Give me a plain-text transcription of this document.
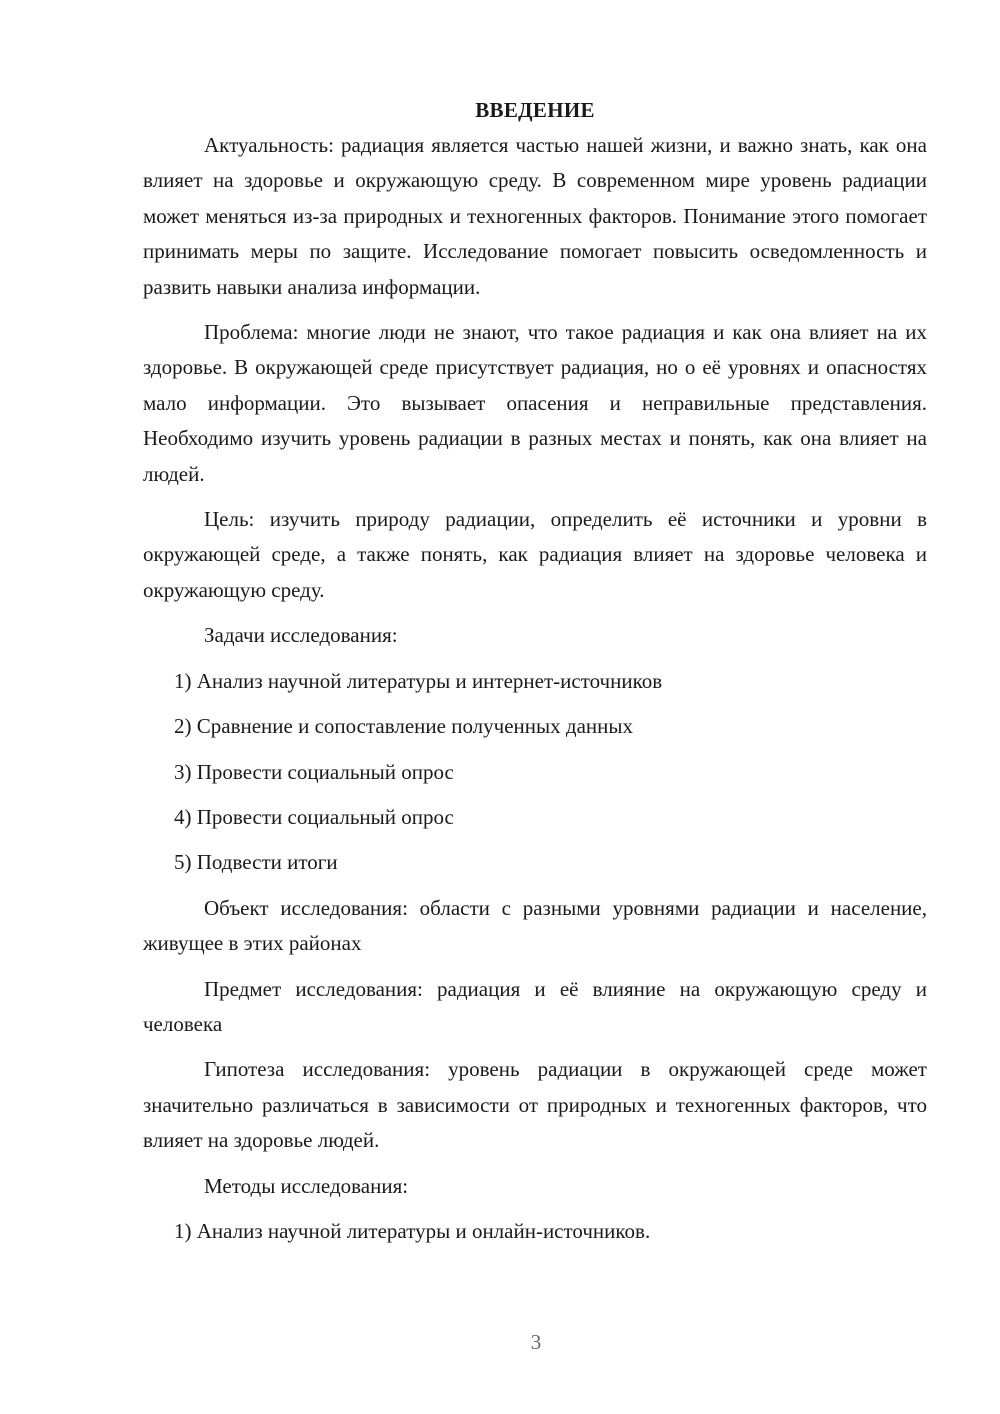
ВВЕДЕНИЕ

Актуальность: радиация является частью нашей жизни, и важно знать, как она влияет на здоровье и окружающую среду. В современном мире уровень радиации может меняться из-за природных и техногенных факторов. Понимание этого помогает принимать меры по защите. Исследование помогает повысить осведомленность и развить навыки анализа информации.

Проблема: многие люди не знают, что такое радиация и как она влияет на их здоровье. В окружающей среде присутствует радиация, но о её уровнях и опасностях мало информации. Это вызывает опасения и неправильные представления. Необходимо изучить уровень радиации в разных местах и понять, как она влияет на людей.

Цель: изучить природу радиации, определить её источники и уровни в окружающей среде, а также понять, как радиация влияет на здоровье человека и окружающую среду.

Задачи исследования:

1) Анализ научной литературы и интернет-источников
2) Сравнение и сопоставление полученных данных
3) Провести социальный опрос
4) Провести социальный опрос
5) Подвести итоги

Объект исследования: области с разными уровнями радиации и население, живущее в этих районах

Предмет исследования: радиация и её влияние на окружающую среду и человека

Гипотеза исследования: уровень радиации в окружающей среде может значительно различаться в зависимости от природных и техногенных факторов, что влияет на здоровье людей.

Методы исследования:

1) Анализ научной литературы и онлайн-источников.
3
